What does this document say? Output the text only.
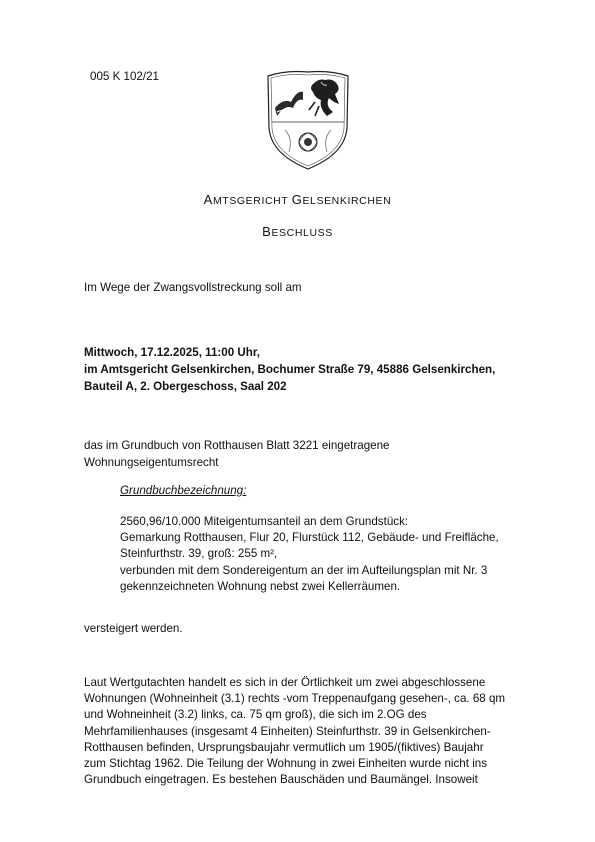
005 K 102/21
AMTSGERICHT GELSENKIRCHEN
BESCHLUSS
Im Wege der Zwangsvollstreckung soll am
Mittwoch, 17.12.2025, 11:00 Uhr,
im Amtsgericht Gelsenkirchen, Bochumer Straße 79, 45886 Gelsenkirchen,
Bauteil A, 2. Obergeschoss, Saal 202
das im Grundbuch von Rotthausen Blatt 3221 eingetragene
Wohnungseigentumsrecht
Grundbuchbezeichnung:
2560,96/10.000 Miteigentumsanteil an dem Grundstück:
Gemarkung Rotthausen, Flur 20, Flurstück 112, Gebäude- und Freifläche,
Steinfurthstr. 39, groß: 255 m²,
verbunden mit dem Sondereigentum an der im Aufteilungsplan mit Nr. 3
gekennzeichneten Wohnung nebst zwei Kellerräumen.
versteigert werden.
Laut Wertgutachten handelt es sich in der Örtlichkeit um zwei abgeschlossene
Wohnungen (Wohneinheit (3.1) rechts -vom Treppenaufgang gesehen-, ca. 68 qm
und Wohneinheit (3.2) links, ca. 75 qm groß), die sich im 2.OG des
Mehrfamilienhauses (insgesamt 4 Einheiten) Steinfurthstr. 39 in Gelsenkirchen-
Rotthausen befinden, Ursprungsbaujahr vermutlich um 1905/(fiktives) Baujahr
zum Stichtag 1962. Die Teilung der Wohnung in zwei Einheiten wurde nicht ins
Grundbuch eingetragen. Es bestehen Bauschäden und Baumängel. Insoweit
